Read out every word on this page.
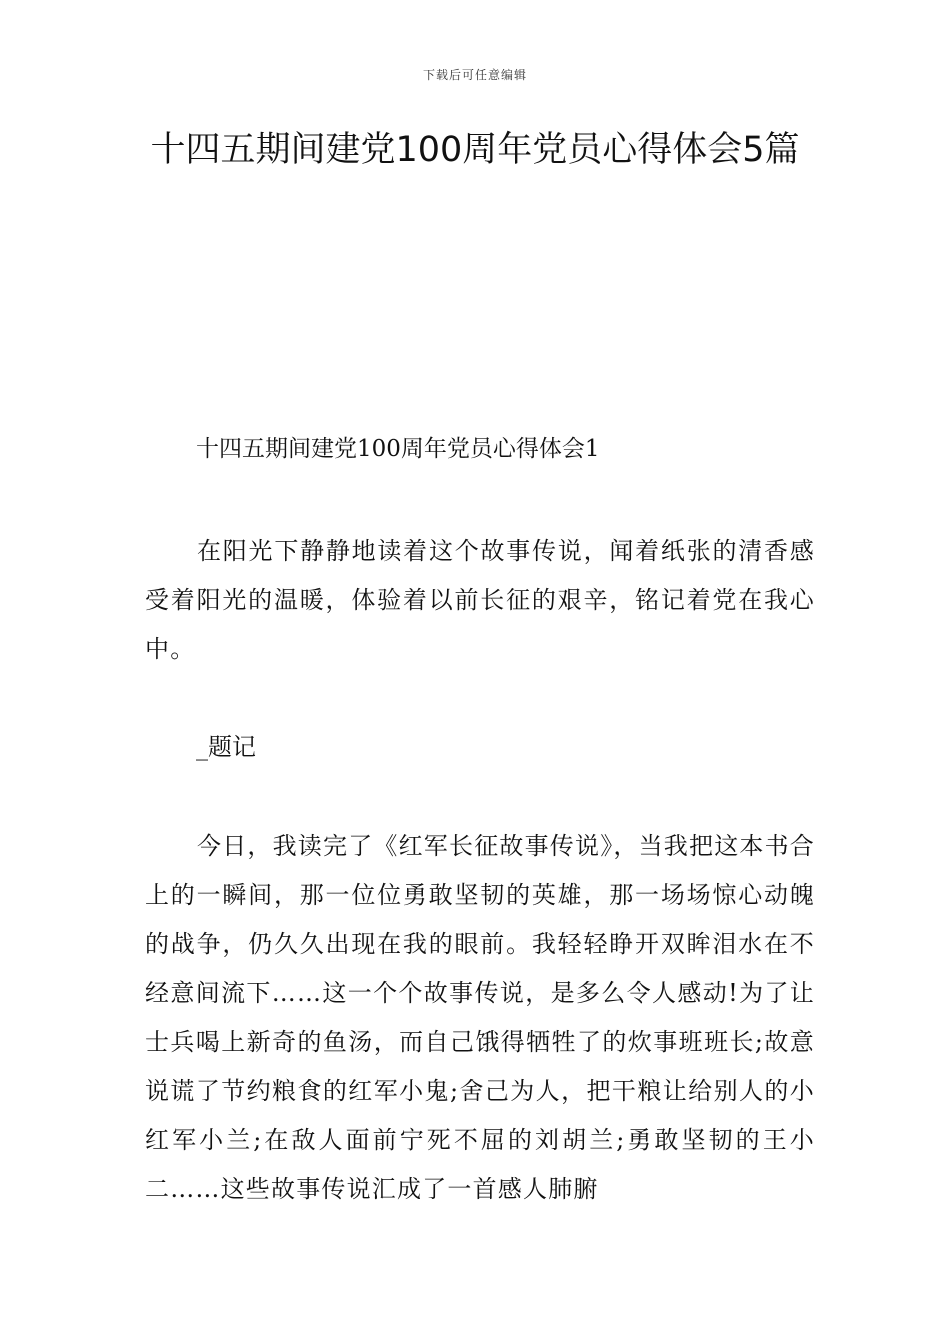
下载后可任意编辑
十四五期间建党100周年党员心得体会5篇
十四五期间建党100周年党员心得体会1

在阳光下静静地读着这个故事传说，闻着纸张的清香感受着阳光的温暖，体验着以前长征的艰辛，铭记着党在我心中。

_题记

今日，我读完了《红军长征故事传说》，当我把这本书合上的一瞬间，那一位位勇敢坚韧的英雄，那一场场惊心动魄的战争，仍久久出现在我的眼前。我轻轻睁开双眸泪水在不经意间流下……这一个个故事传说，是多么令人感动!为了让士兵喝上新奇的鱼汤，而自己饿得牺牲了的炊事班班长;故意说谎了节约粮食的红军小鬼;舍己为人，把干粮让给别人的小红军小兰;在敌人面前宁死不屈的刘胡兰;勇敢坚韧的王小二……这些故事传说汇成了一首感人肺腑
